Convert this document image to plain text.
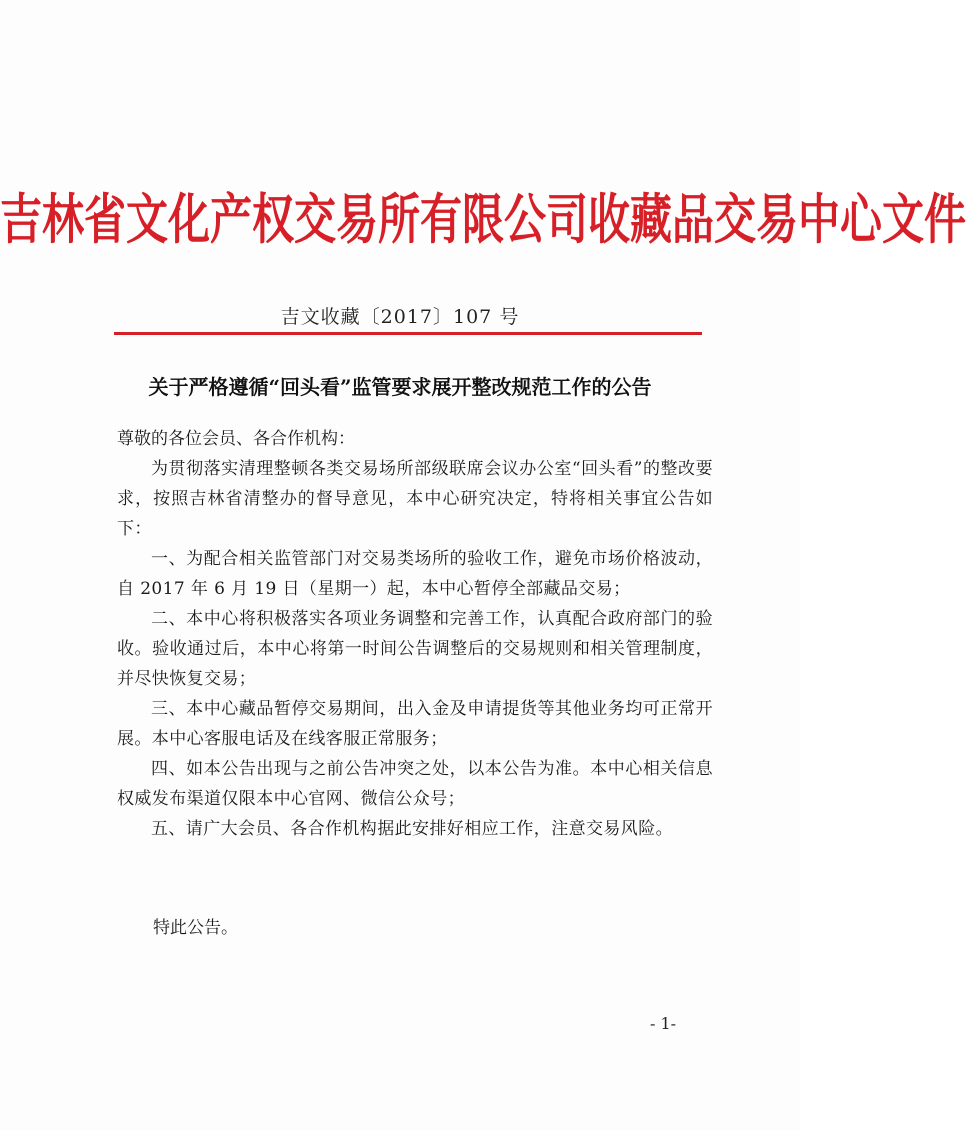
吉林省文化产权交易所有限公司收藏品交易中心文件
吉文收藏〔2017〕107 号
关于严格遵循“回头看”监管要求展开整改规范工作的公告

尊敬的各位会员、各合作机构：

为贯彻落实清理整顿各类交易场所部级联席会议办公室“回头看”的整改要求，按照吉林省清整办的督导意见，本中心研究决定，特将相关事宜公告如下：

一、为配合相关监管部门对交易类场所的验收工作，避免市场价格波动，自 2017 年 6 月 19 日（星期一）起，本中心暂停全部藏品交易；

二、本中心将积极落实各项业务调整和完善工作，认真配合政府部门的验收。验收通过后，本中心将第一时间公告调整后的交易规则和相关管理制度，并尽快恢复交易；

三、本中心藏品暂停交易期间，出入金及申请提货等其他业务均可正常开展。本中心客服电话及在线客服正常服务；

四、如本公告出现与之前公告冲突之处，以本公告为准。本中心相关信息权威发布渠道仅限本中心官网、微信公众号；

五、请广大会员、各合作机构据此安排好相应工作，注意交易风险。

特此公告。
- 1-
